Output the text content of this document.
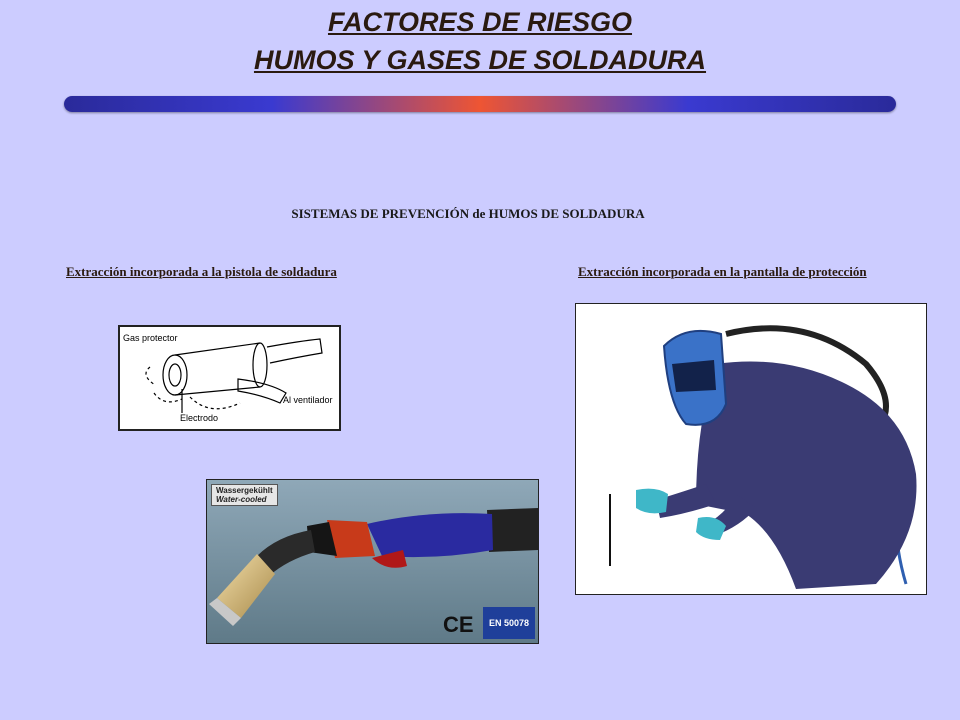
FACTORES DE RIESGO
HUMOS Y GASES DE SOLDADURA
SISTEMAS DE PREVENCIÓN de HUMOS DE SOLDADURA
Extracción incorporada a la pistola de soldadura	Extracción incorporada en la pantalla de protección
Gas protector
Al ventilador
Electrodo
Wassergekühlt
Water-cooled
CE	EN 50078
